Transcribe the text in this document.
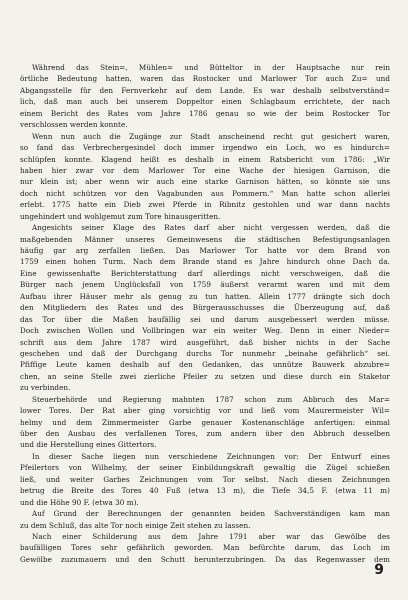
Während das Stein=, Mühlen= und Bütteltor in der Hauptsache nur rein
örtliche Bedeutung hatten, waren das Rostocker und Marlower Tor auch Zu= und
Abgangsstelle für den Fernverkehr auf dem Lande. Es war deshalb selbstverständ=
lich, daß man auch bei unserem Doppeltor einen Schlagbaum errichtete, der nach
einem Bericht des Rates vom Jahre 1786 genau so wie der beim Rostocker Tor
verschlossen werden konnte.
Wenn nun auch die Zugänge zur Stadt anscheinend recht gut gesichert waren,
so fand das Verbrechergesindel doch immer irgendwo ein Loch, wo es hindurch=
schlüpfen konnte. Klagend heißt es deshalb in einem Ratsbericht von 1786: „Wir
haben hier zwar vor dem Marlower Tor eine Wache der hiesigen Garnison, die
nur klein ist; aber wenn wir auch eine starke Garnison hätten, so könnte sie uns
doch nicht schützen vor den Vagabunden aus Pommern.“ Man hatte schon allerlei
erlebt. 1775 hatte ein Dieb zwei Pferde in Ribnitz gestohlen und war dann nachts
ungehindert und wohlgemut zum Tore hinausgeritten.
Angesichts seiner Klage des Rates darf aber nicht vergessen werden, daß die
maßgebenden Männer unseres Gemeinwesens die städtischen Befestigungsanlagen
häufig gar arg zerfallen ließen. Das Marlower Tor hatte vor dem Brand von
1759 einen hohen Turm. Nach dem Brande stand es Jahre hindurch ohne Dach da.
Eine gewissenhafte Berichterstattung darf allerdings nicht verschweigen, daß die
Bürger nach jenem Unglücksfall von 1759 äußerst verarmt waren und mit dem
Aufbau ihrer Häuser mehr als genug zu tun hatten. Allein 1777 drängte sich doch
den Mitgliedern des Rates und des Bürgerausschusses die Überzeugung auf, daß
das Tor über die Maßen baufällig sei und darum ausgebessert werden müsse.
Doch zwischen Wollen und Vollbringen war ein weiter Weg. Denn in einer Nieder=
schrift aus dem Jahre 1787 wird ausgeführt, daß bisher nichts in der Sache
geschehen und daß der Durchgang durchs Tor nunmehr „beinahe gefährlich“ sei.
Pfiffige Leute kamen deshalb auf den Gedanken, das unnütze Bauwerk abzubre=
chen, an seine Stelle zwei zierliche Pfeiler zu setzen und diese durch ein Staketor
zu verbinden.
Steuerbehörde und Regierung mahnten 1787 schon zum Abbruch des Mar=
lower Tores. Der Rat aber ging vorsichtig vor und ließ vom Maurermeister Wil=
helmy und dem Zimmermeister Garbe genauer Kostenanschläge anfertigen: einmal
über den Ausbau des verfallenen Tores, zum andern über den Abbruch desselben
und die Herstellung eines Gittertors.
In dieser Sache liegen nun verschiedene Zeichnungen vor: Der Entwurf eines
Pfeilertors von Wilhelmy, der seiner Einbildungskraft gewaltig die Zügel schießen
ließ, und weiter Garbes Zeichnungen vom Tor selbst. Nach diesen Zeichnungen
betrug die Breite des Tores 40 Fuß (etwa 13 m), die Tiefe 34,5 F. (etwa 11 m)
und die Höhe 90 F. (etwa 30 m).
Auf Grund der Berechnungen der genannten beiden Sachverständigen kam man
zu dem Schluß, das alte Tor noch einige Zeit stehen zu lassen.
Nach einer Schilderung aus dem Jahre 1791 aber war das Gewölbe des
baufälligen Tores sehr gefährlich geworden. Man befürchte darum, das Loch im
Gewölbe zuzumauern und den Schutt herunterzubringen. Da das Regenwasser dem
9
